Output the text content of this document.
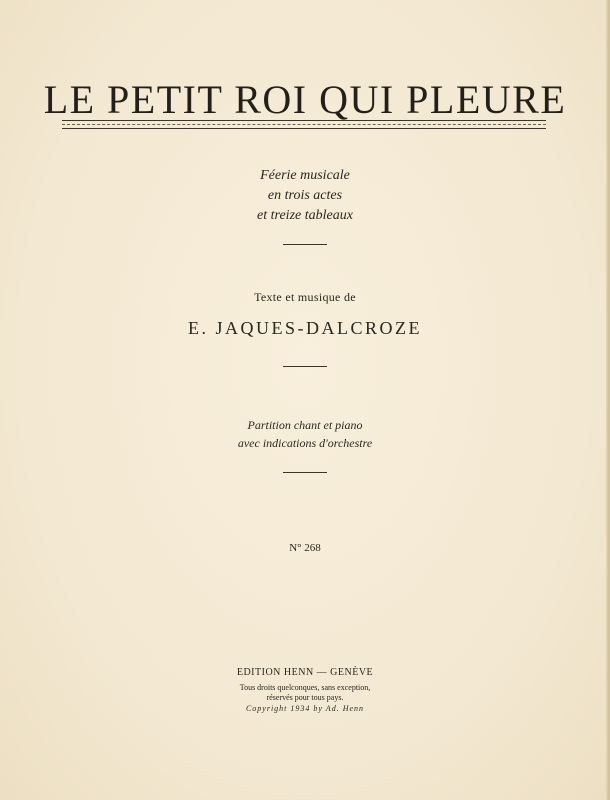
LE PETIT ROI QUI PLEURE
Féerie musicale
en trois actes
et treize tableaux
Texte et musique de
E. JAQUES-DALCROZE
Partition chant et piano
avec indications d'orchestre
N° 268
EDITION HENN — GENÈVE
Tous droits quelconques, sans exception,
réservés pour tous pays.
Copyright 1934 by Ad. Henn
